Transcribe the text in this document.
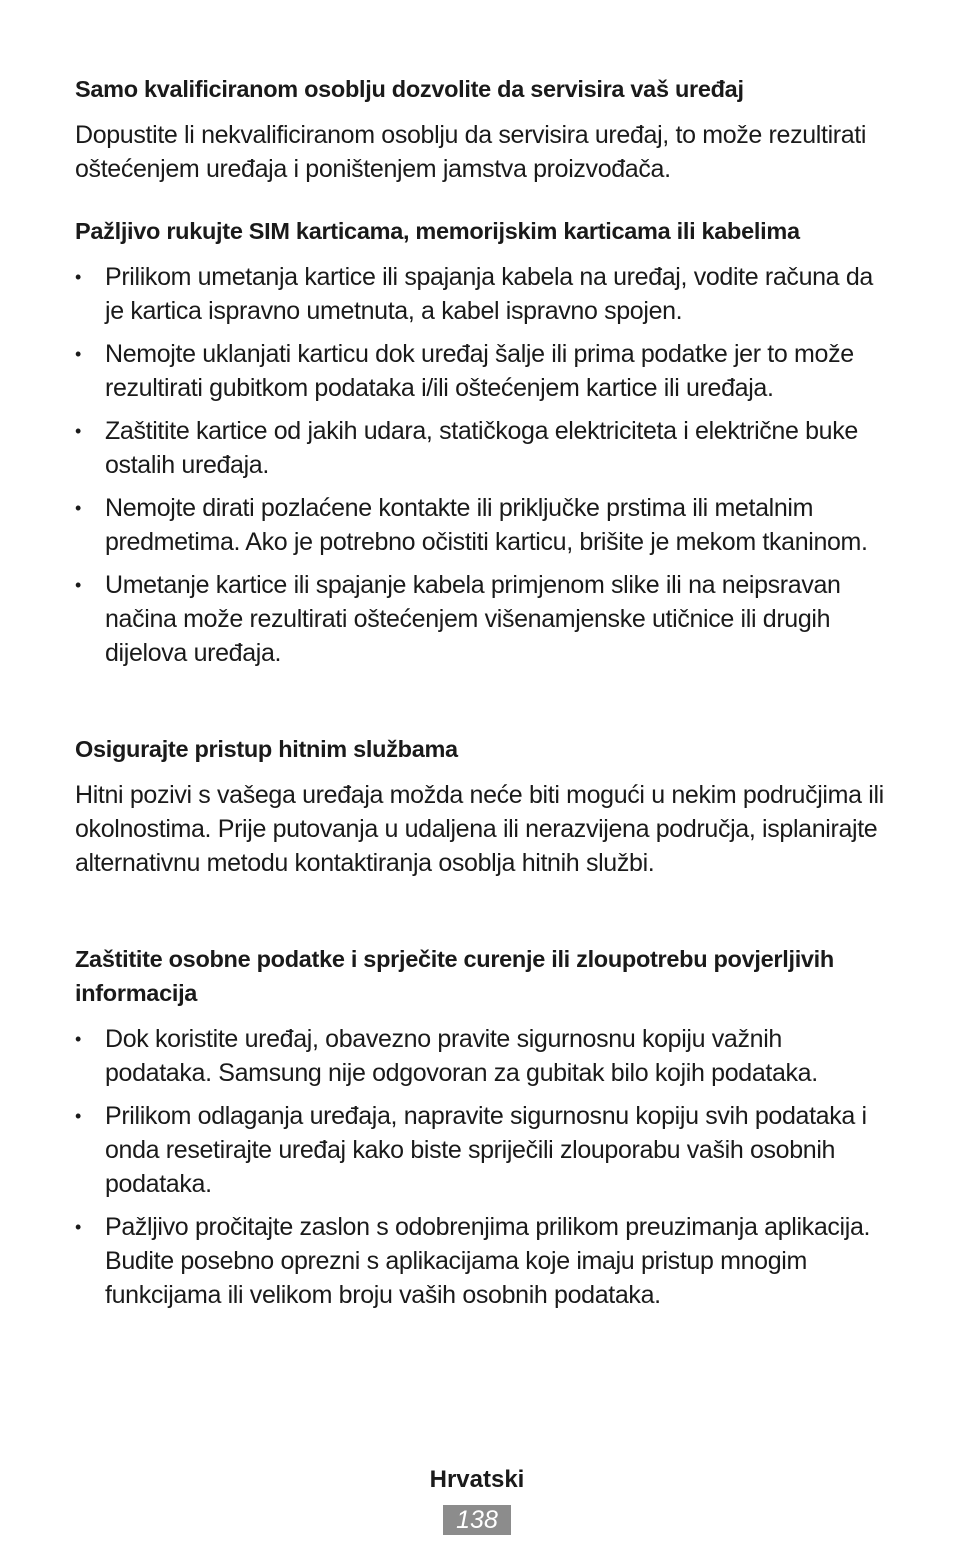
Samo kvalificiranom osoblju dozvolite da servisira vaš uređaj

Dopustite li nekvalificiranom osoblju da servisira uređaj, to može rezultirati oštećenjem uređaja i poništenjem jamstva proizvođača.

Pažljivo rukujte SIM karticama, memorijskim karticama ili kabelima
• Prilikom umetanja kartice ili spajanja kabela na uređaj, vodite računa da je kartica ispravno umetnuta, a kabel ispravno spojen.
• Nemojte uklanjati karticu dok uređaj šalje ili prima podatke jer to može rezultirati gubitkom podataka i/ili oštećenjem kartice ili uređaja.
• Zaštitite kartice od jakih udara, statičkoga elektriciteta i električne buke ostalih uređaja.
• Nemojte dirati pozlaćene kontakte ili priključke prstima ili metalnim predmetima. Ako je potrebno očistiti karticu, brišite je mekom tkaninom.
• Umetanje kartice ili spajanje kabela primjenom slike ili na neipsravan načina može rezultirati oštećenjem višenamjenske utičnice ili drugih dijelova uređaja.
Osigurajte pristup hitnim službama

Hitni pozivi s vašega uređaja možda neće biti mogući u nekim područjima ili okolnostima. Prije putovanja u udaljena ili nerazvijena područja, isplanirajte alternativnu metodu kontaktiranja osoblja hitnih službi.

Zaštitite osobne podatke i sprječite curenje ili zloupotrebu povjerljivih informacija
• Dok koristite uređaj, obavezno pravite sigurnosnu kopiju važnih podataka. Samsung nije odgovoran za gubitak bilo kojih podataka.
• Prilikom odlaganja uređaja, napravite sigurnosnu kopiju svih podataka i onda resetirajte uređaj kako biste spriječili zlouporabu vaših osobnih podataka.
• Pažljivo pročitajte zaslon s odobrenjima prilikom preuzimanja aplikacija. Budite posebno oprezni s aplikacijama koje imaju pristup mnogim funkcijama ili velikom broju vaših osobnih podataka.
Hrvatski
138
